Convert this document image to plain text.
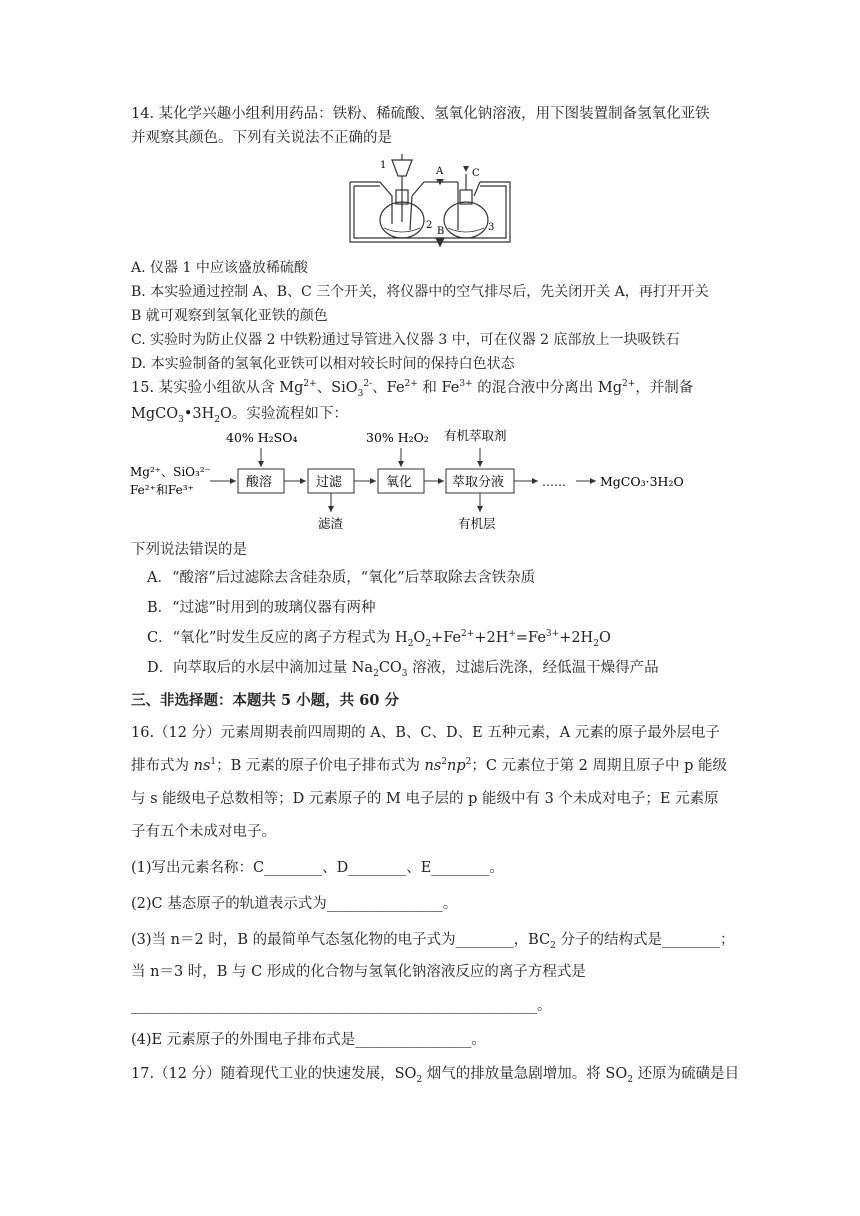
14. 某化学兴趣小组利用药品：铁粉、稀硫酸、氢氧化钠溶液，用下图装置制备氢氧化亚铁
并观察其颜色。下列有关说法不正确的是
1
A	C
2	3
B
A. 仪器 1 中应该盛放稀硫酸
B. 本实验通过控制 A、B、C 三个开关，将仪器中的空气排尽后，先关闭开关 A，再打开开关
B 就可观察到氢氧化亚铁的颜色
C. 实验时为防止仪器 2 中铁粉通过导管进入仪器 3 中，可在仪器 2 底部放上一块吸铁石
D. 本实验制备的氢氧化亚铁可以相对较长时间的保持白色状态
15. 某实验小组欲从含 $Mg^{2+}$、SiO$_3^{2-}$、$Fe^{2+}$ 和 $Fe^{3+}$ 的混合液中分离出 $Mg^{2+}$，并制备
$MgCO_3•3H_2O$。实验流程如下：
40% H₂SO₄	30% H₂O₂ 有机萃取剂
Mg²⁺、SiO₃²⁻
Fe²⁺和Fe³⁺	酸溶	过滤	氧化	萃取分液	……	MgCO₃·3H₂O
滤渣	有机层
下列说法错误的是
A．“酸溶”后过滤除去含硅杂质，“氧化”后萃取除去含铁杂质
B．“过滤”时用到的玻璃仪器有两种
C．“氧化”时发生反应的离子方程式为 $H_2O_2+Fe^{2+}+2H^+=Fe^{3+}+2H_2O$
D．向萃取后的水层中滴加过量 $Na_2CO_3$ 溶液，过滤后洗涤，经低温干燥得产品
三、非选择题：本题共 5 小题，共 60 分
16.（12 分）元素周期表前四周期的 A、B、C、D、E 五种元素，A 元素的原子最外层电子
排布式为 $ns^1$；B 元素的原子价电子排布式为 $ns^2np^2$；C 元素位于第 2 周期且原子中 p 能级
与 s 能级电子总数相等；D 元素原子的 M 电子层的 p 能级中有 3 个未成对电子；E 元素原
子有五个未成对电子。
(1)写出元素名称：C________、D________、E________。
(2)C 基态原子的轨道表示式为________________。
(3)当 n＝2 时，B 的最简单气态氢化物的电子式为________，$BC_2$ 分子的结构式是________；
当 n＝3 时，B 与 C 形成的化合物与氢氧化钠溶液反应的离子方程式是
________________________________________________________。
(4)E 元素原子的外围电子排布式是________________。
17.（12 分）随着现代工业的快速发展，$SO_2$ 烟气的排放量急剧增加。将 $SO_2$ 还原为硫磺是目
